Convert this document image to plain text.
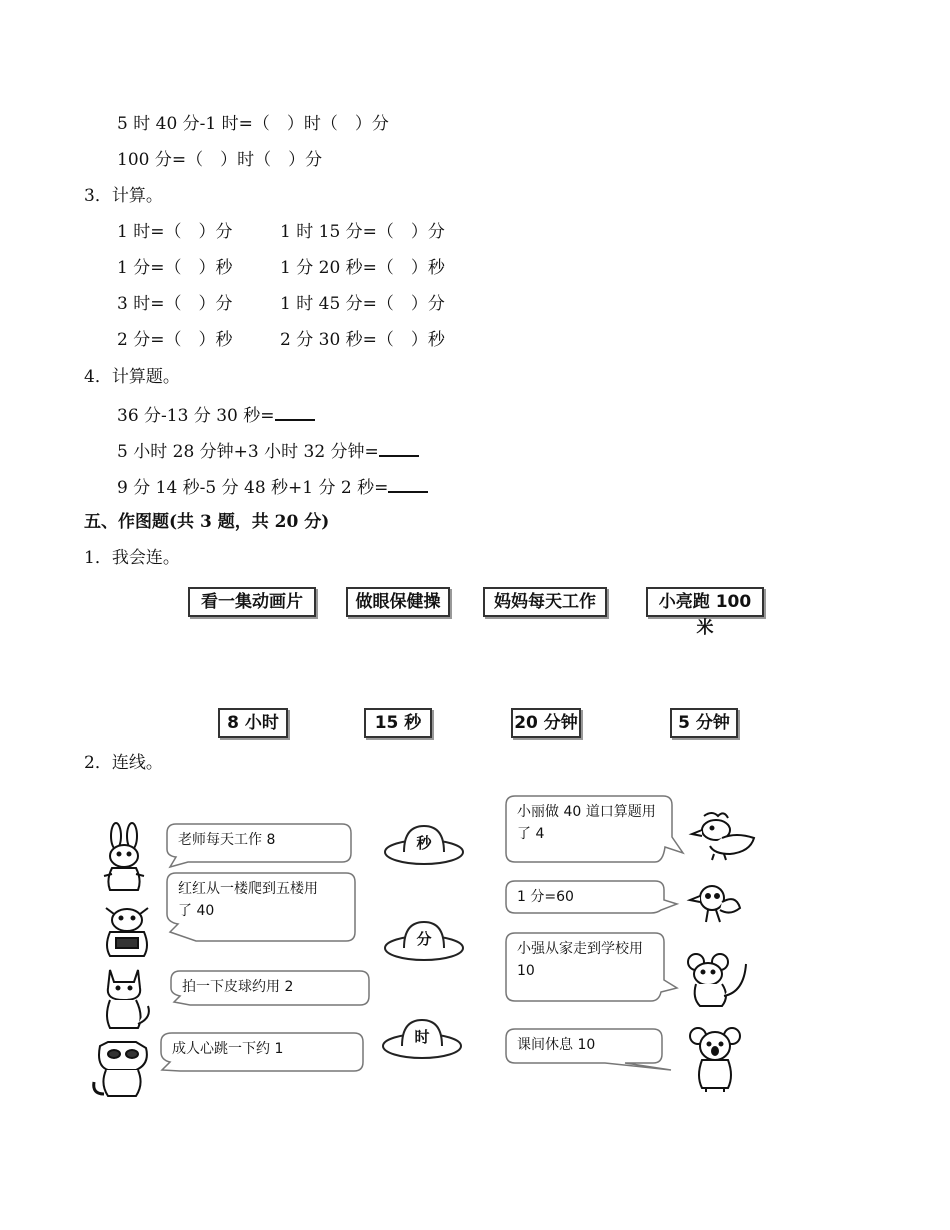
5 时 40 分-1 时=（　）时（　）分
100 分=（　）时（　）分
3．计算。
1 时=（　）分	1 时 15 分=（　）分
1 分=（　）秒	1 分 20 秒=（　）秒
3 时=（　）分	1 时 45 分=（　）分
2 分=（　）秒	2 分 30 秒=（　）秒
4．计算题。
36 分-13 分 30 秒=
5 小时 28 分钟+3 小时 32 分钟=
9 分 14 秒-5 分 48 秒+1 分 2 秒=
五、作图题(共 3 题，共 20 分)
1．我会连。
看一集动画片	做眼保健操	妈妈每天工作	小亮跑 100 米
8 小时	15 秒	20 分钟	5 分钟
2．连线。
老师每天工作 8
红红从一楼爬到五楼用
了 40
拍一下皮球约用 2
成人心跳一下约 1
秒
分
时
小丽做 40 道口算题用
了 4
1 分=60
小强从家走到学校用
10
课间休息 10
